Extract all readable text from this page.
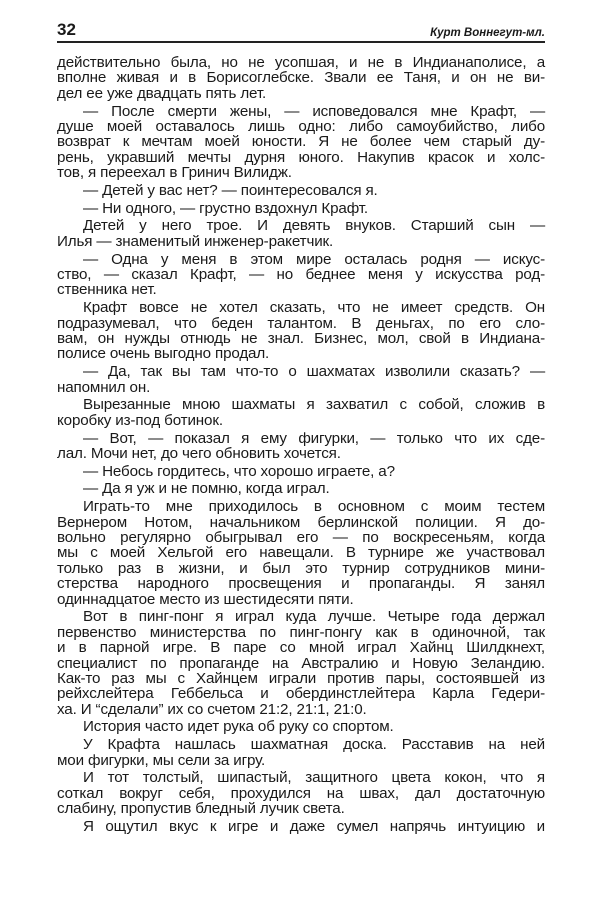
32	Курт Воннегут-мл.
действительно была, но не усопшая, и не в Индианаполисе, а
вполне живая и в Борисоглебске. Звали ее Таня, и он не ви-
дел ее уже двадцать пять лет.
— После смерти жены, — исповедовался мне Крафт, —
душе моей оставалось лишь одно: либо самоубийство, либо
возврат к мечтам моей юности. Я не более чем старый ду-
рень, укравший мечты дурня юного. Накупив красок и холс-
тов, я переехал в Гринич Вилидж.
— Детей у вас нет? — поинтересовался я.
— Ни одного, — грустно вздохнул Крафт.
Детей у него трое. И девять внуков. Старший сын —
Илья — знаменитый инженер-ракетчик.
— Одна у меня в этом мире осталась родня — искус-
ство, — сказал Крафт, — но беднее меня у искусства род-
ственника нет.
Крафт вовсе не хотел сказать, что не имеет средств. Он
подразумевал, что беден талантом. В деньгах, по его сло-
вам, он нужды отнюдь не знал. Бизнес, мол, свой в Индиана-
полисе очень выгодно продал.
— Да, так вы там что-то о шахматах изволили сказать? —
напомнил он.
Вырезанные мною шахматы я захватил с собой, сложив в
коробку из-под ботинок.
— Вот, — показал я ему фигурки, — только что их сде-
лал. Мочи нет, до чего обновить хочется.
— Небось гордитесь, что хорошо играете, а?
— Да я уж и не помню, когда играл.
Играть-то мне приходилось в основном с моим тестем
Вернером Нотом, начальником берлинской полиции. Я до-
вольно регулярно обыгрывал его — по воскресеньям, когда
мы с моей Хельгой его навещали. В турнире же участвовал
только раз в жизни, и был это турнир сотрудников мини-
стерства народного просвещения и пропаганды. Я занял
одиннадцатое место из шестидесяти пяти.
Вот в пинг-понг я играл куда лучше. Четыре года держал
первенство министерства по пинг-понгу как в одиночной, так
и в парной игре. В паре со мной играл Хайнц Шилдкнехт,
специалист по пропаганде на Австралию и Новую Зеландию.
Как-то раз мы с Хайнцем играли против пары, состоявшей из
рейхслейтера Геббельса и обердинстлейтера Карла Гедери-
ха. И “сделали” их со счетом 21:2, 21:1, 21:0.
История часто идет рука об руку со спортом.
У Крафта нашлась шахматная доска. Расставив на ней
мои фигурки, мы сели за игру.
И тот толстый, шипастый, защитного цвета кокон, что я
соткал вокруг себя, прохудился на швах, дал достаточную
слабину, пропустив бледный лучик света.
Я ощутил вкус к игре и даже сумел напрячь интуицию и
